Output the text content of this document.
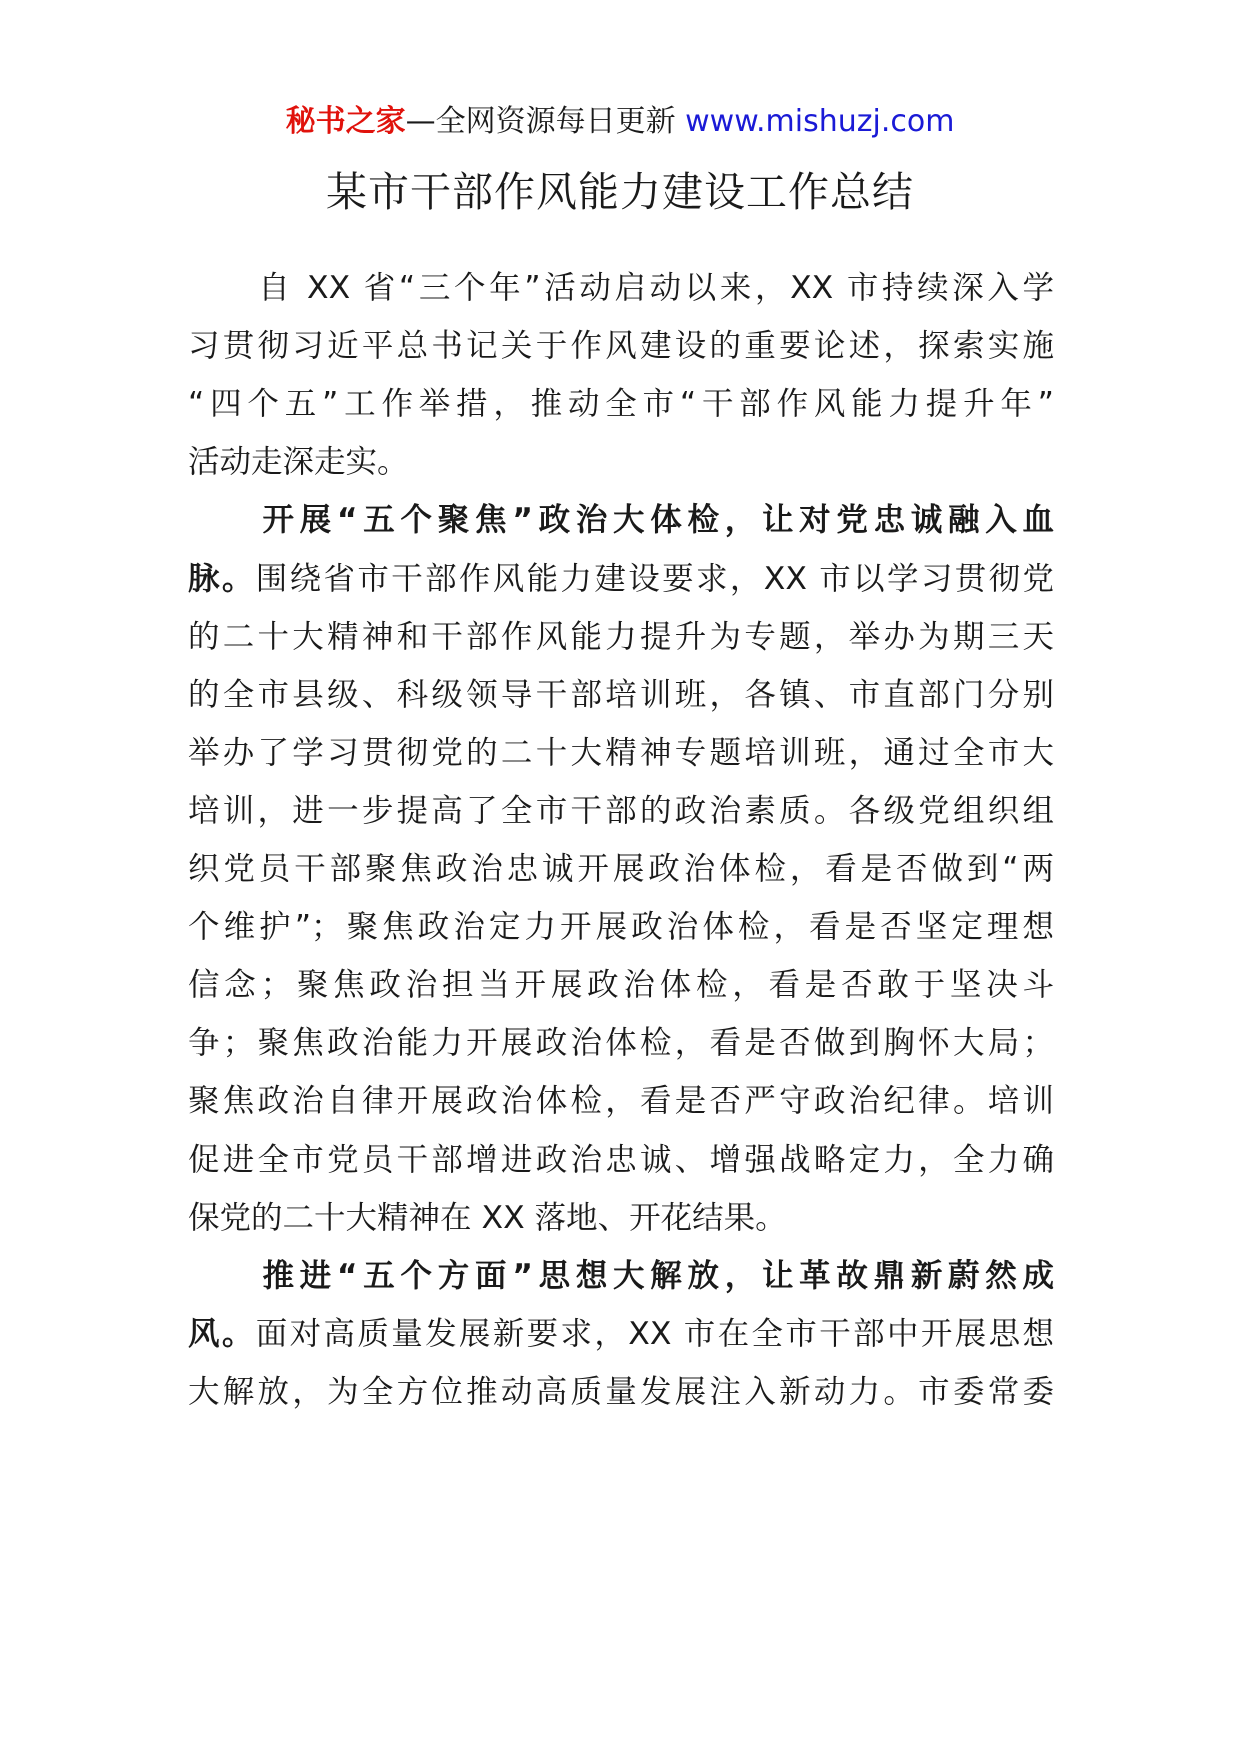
秘书之家—全网资源每日更新 www.mishuzj.com
某市干部作风能力建设工作总结
　　自 XX 省“三个年”活动启动以来，XX 市持续深入学
习贯彻习近平总书记关于作风建设的重要论述，探索实施
“四个五”工作举措，推动全市“干部作风能力提升年”
活动走深走实。
　　开展“五个聚焦”政治大体检，让对党忠诚融入血
脉。围绕省市干部作风能力建设要求，XX 市以学习贯彻党
的二十大精神和干部作风能力提升为专题，举办为期三天
的全市县级、科级领导干部培训班，各镇、市直部门分别
举办了学习贯彻党的二十大精神专题培训班，通过全市大
培训，进一步提高了全市干部的政治素质。各级党组织组
织党员干部聚焦政治忠诚开展政治体检，看是否做到“两
个维护”；聚焦政治定力开展政治体检，看是否坚定理想
信念；聚焦政治担当开展政治体检，看是否敢于坚决斗
争；聚焦政治能力开展政治体检，看是否做到胸怀大局；
聚焦政治自律开展政治体检，看是否严守政治纪律。培训
促进全市党员干部增进政治忠诚、增强战略定力，全力确
保党的二十大精神在 XX 落地、开花结果。
　　推进“五个方面”思想大解放，让革故鼎新蔚然成
风。面对高质量发展新要求，XX 市在全市干部中开展思想
大解放，为全方位推动高质量发展注入新动力。市委常委
